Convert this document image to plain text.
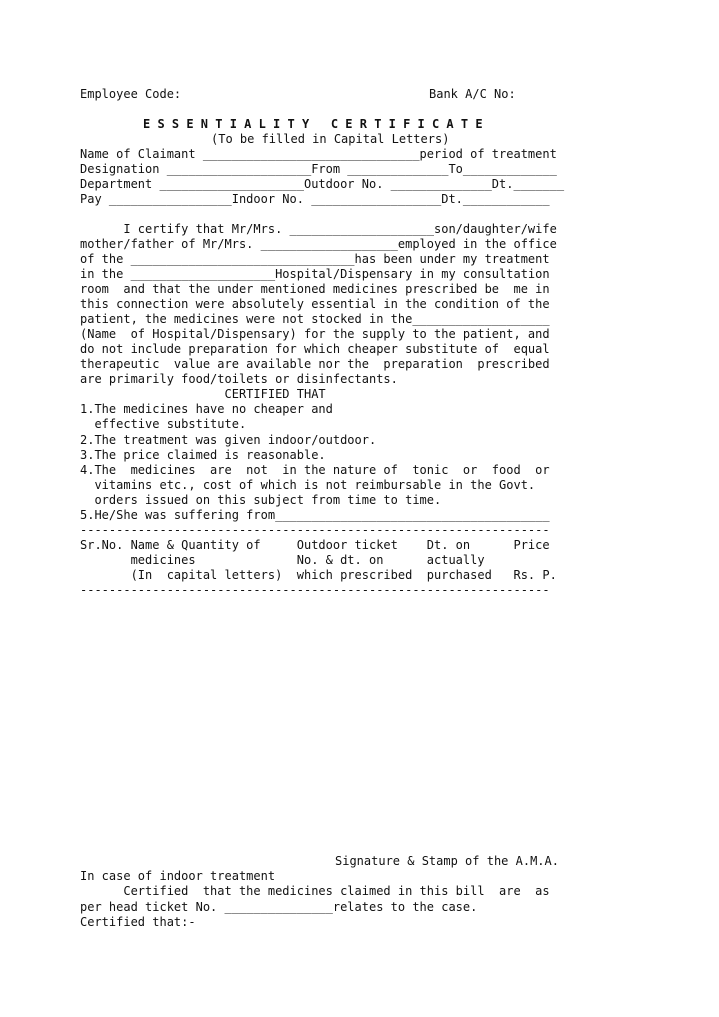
Employee Code:	Bank A/C No:
E S S E N T I A L I T Y   C E R T I F I C A T E
(To be filled in Capital Letters)
Name of Claimant ______________________________period of treatment
Designation ____________________From ______________To_____________
Department ____________________Outdoor No. ______________Dt._______
Pay _________________Indoor No. __________________Dt.____________
I certify that Mr/Mrs. ____________________son/daughter/wife
mother/father of Mr/Mrs. ___________________employed in the office
of the _______________________________has been under my treatment
in the ____________________Hospital/Dispensary in my consultation
room  and that the under mentioned medicines prescribed be  me in
this connection were absolutely essential in the condition of the
patient, the medicines were not stocked in the___________________
(Name  of Hospital/Dispensary) for the supply to the patient, and
do not include preparation for which cheaper substitute of  equal
therapeutic  value are available nor the  preparation  prescribed
are primarily food/toilets or disinfectants.
CERTIFIED THAT
1.The medicines have no cheaper and
effective substitute.
2.The treatment was given indoor/outdoor.
3.The price claimed is reasonable.
4.The  medicines  are  not  in the nature of  tonic  or  food  or
vitamins etc., cost of which is not reimbursable in the Govt.
orders issued on this subject from time to time.
5.He/She was suffering from______________________________________
-----------------------------------------------------------------
Sr.No. Name & Quantity of     Outdoor ticket    Dt. on      Price
medicines              No. & dt. on      actually
(In  capital letters)  which prescribed  purchased   Rs. P.
-----------------------------------------------------------------
Signature & Stamp of the A.M.A.
In case of indoor treatment
Certified  that the medicines claimed in this bill  are  as
per head ticket No. _______________relates to the case.
Certified that:-
